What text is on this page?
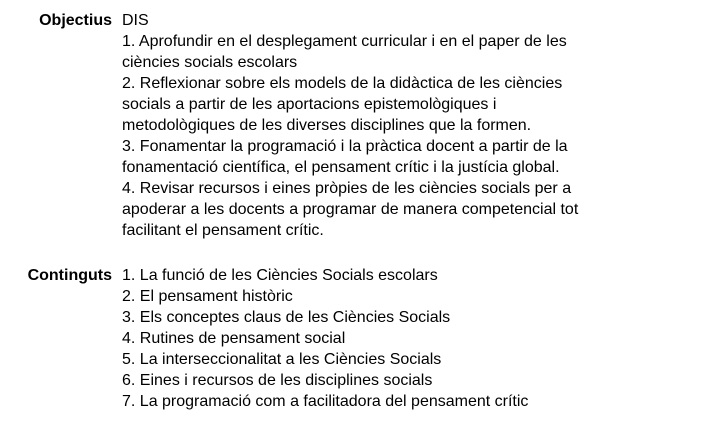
Objectius DIS
1. Aprofundir en el desplegament curricular i en el paper de les
ciències socials escolars
2. Reflexionar sobre els models de la didàctica de les ciències
socials a partir de les aportacions epistemològiques i
metodològiques de les diverses disciplines que la formen.
3. Fonamentar la programació i la pràctica docent a partir de la
fonamentació científica, el pensament crític i la justícia global.
4. Revisar recursos i eines pròpies de les ciències socials per a
apoderar a les docents a programar de manera competencial tot
facilitant el pensament crític.
Continguts 1. La funció de les Ciències Socials escolars
2. El pensament històric
3. Els conceptes claus de les Ciències Socials
4. Rutines de pensament social
5. La interseccionalitat a les Ciències Socials
6. Eines i recursos de les disciplines socials
7. La programació com a facilitadora del pensament crític
